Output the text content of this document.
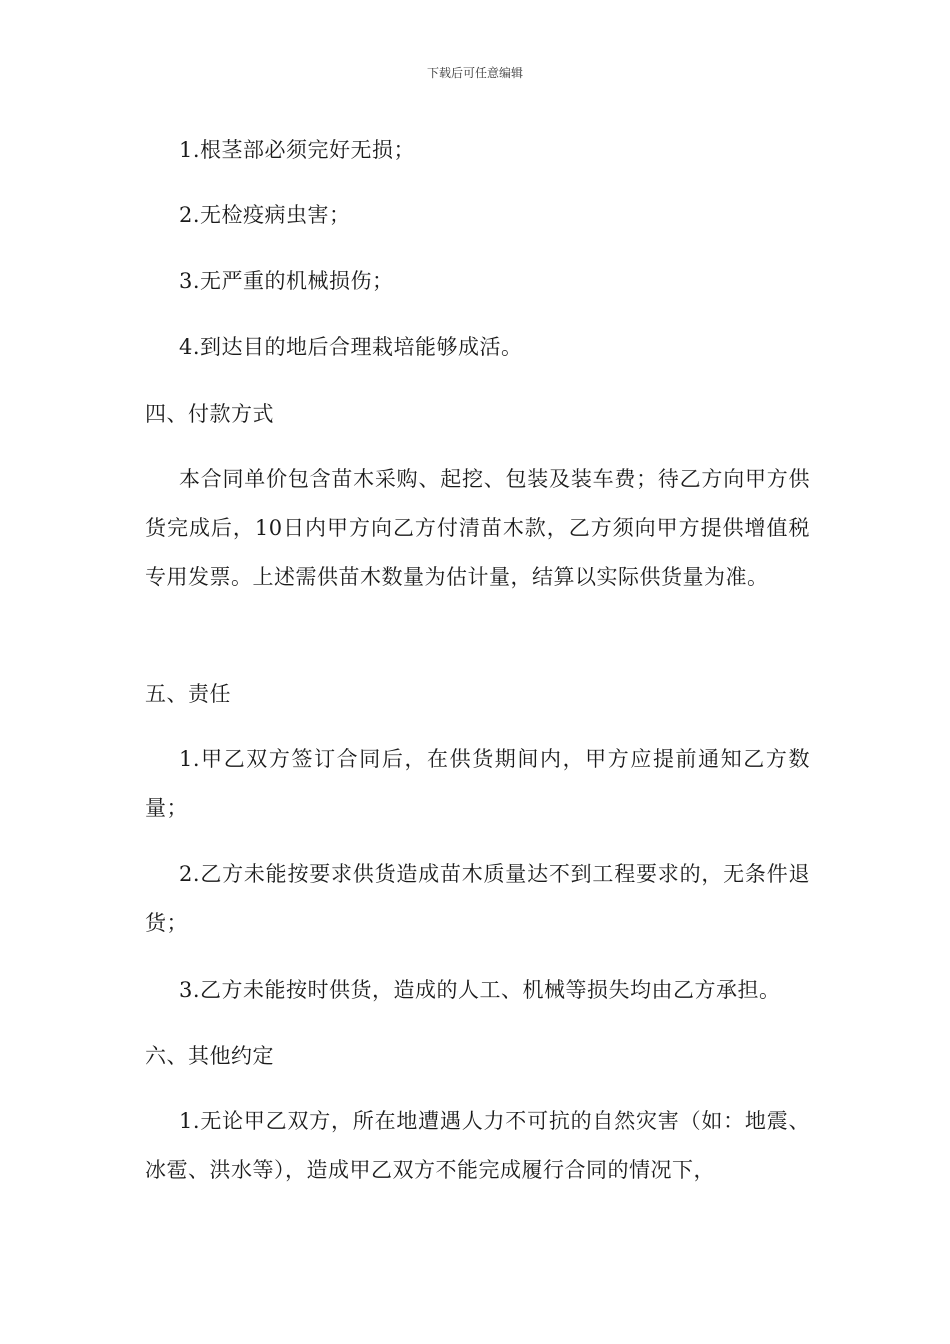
下载后可任意编辑
1.根茎部必须完好无损；
2.无检疫病虫害；
3.无严重的机械损伤；
4.到达目的地后合理栽培能够成活。
四、付款方式
本合同单价包含苗木采购、起挖、包装及装车费；待乙方向甲方供货完成后，10日内甲方向乙方付清苗木款，乙方须向甲方提供增值税专用发票。上述需供苗木数量为估计量，结算以实际供货量为准。
五、责任
1.甲乙双方签订合同后，在供货期间内，甲方应提前通知乙方数量；
2.乙方未能按要求供货造成苗木质量达不到工程要求的，无条件退货；
3.乙方未能按时供货，造成的人工、机械等损失均由乙方承担。
六、其他约定
1.无论甲乙双方，所在地遭遇人力不可抗的自然灾害（如：地震、冰雹、洪水等），造成甲乙双方不能完成履行合同的情况下，
